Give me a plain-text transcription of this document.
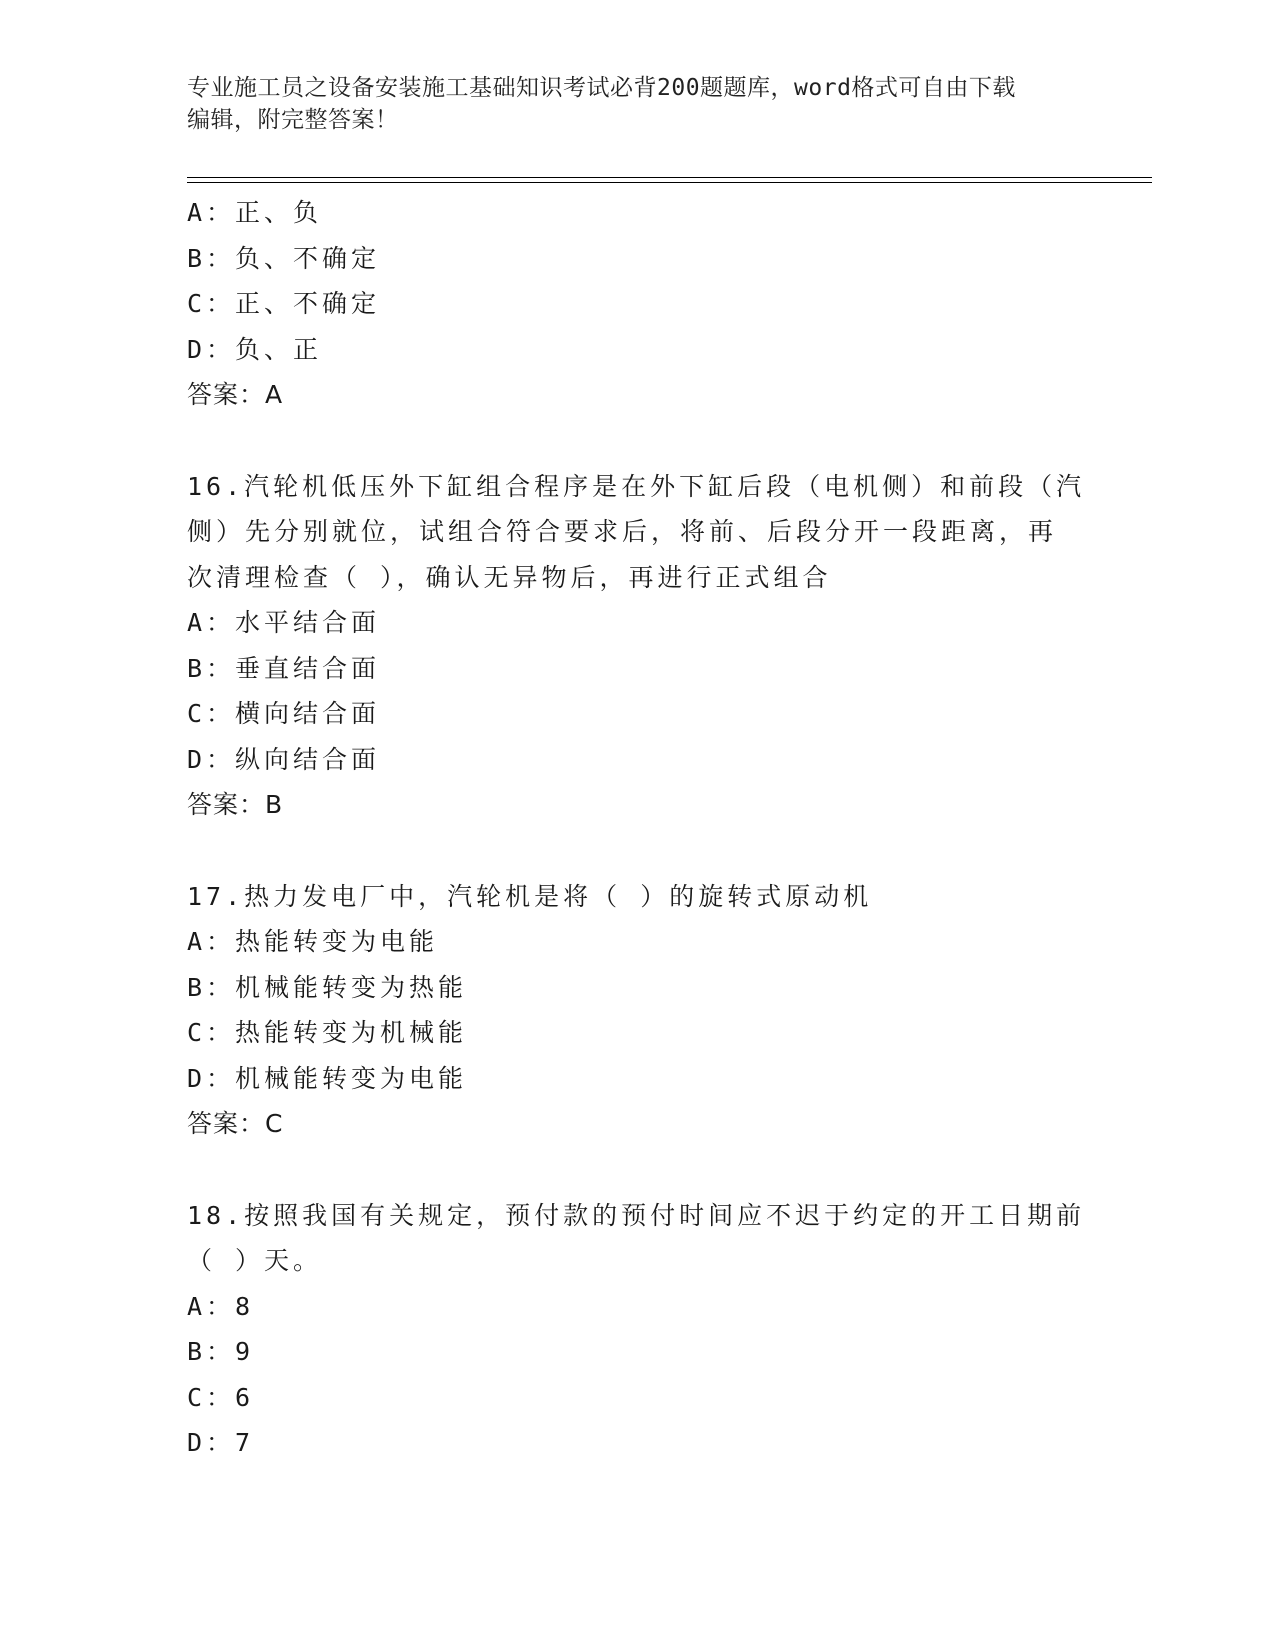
专业施工员之设备安装施工基础知识考试必背200题题库，word格式可自由下载
编辑，附完整答案！
A：正、负
B：负、不确定
C：正、不确定
D：负、正
答案：A
16.汽轮机低压外下缸组合程序是在外下缸后段（电机侧）和前段（汽
侧）先分别就位，试组合符合要求后，将前、后段分开一段距离，再
次清理检查（ ），确认无异物后，再进行正式组合
A：水平结合面
B：垂直结合面
C：横向结合面
D：纵向结合面
答案：B
17.热力发电厂中，汽轮机是将（ ）的旋转式原动机
A：热能转变为电能
B：机械能转变为热能
C：热能转变为机械能
D：机械能转变为电能
答案：C
18.按照我国有关规定，预付款的预付时间应不迟于约定的开工日期前
（ ）天。
A：8
B：9
C：6
D：7
